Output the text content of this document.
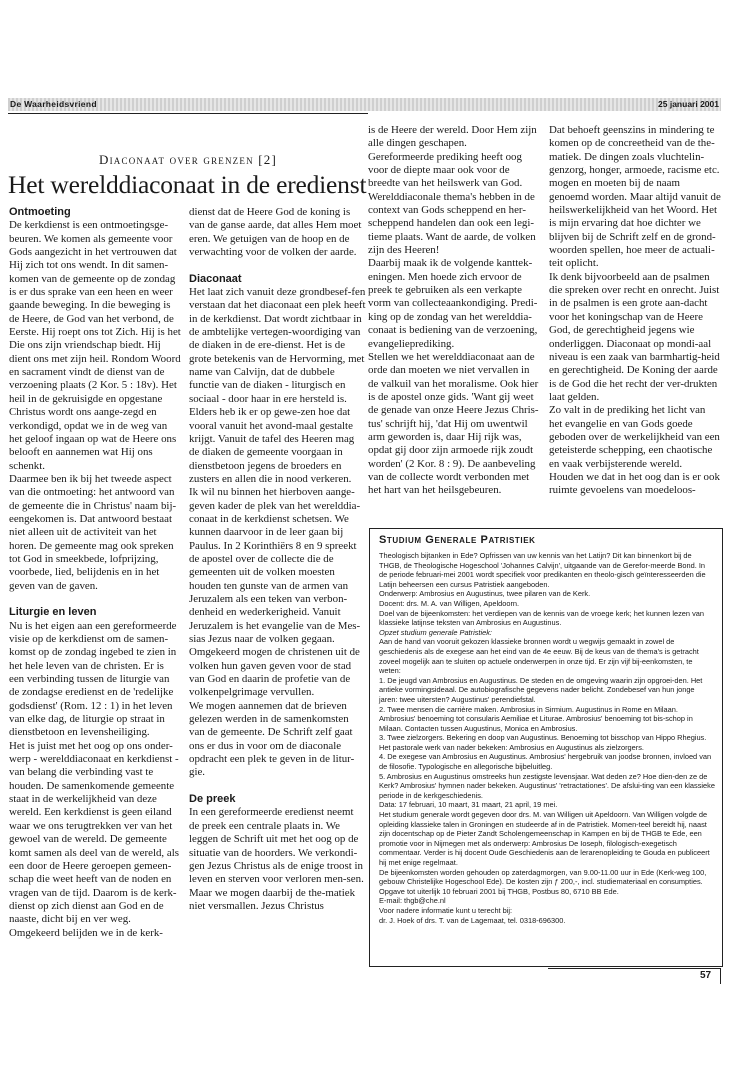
De Waarheidsvriend	25 januari 2001
Diaconaat over grenzen [2]
Het werelddiaconaat in de eredienst
Ontmoeting

De kerkdienst is een ontmoetingsge-beuren. We komen als gemeente voor Gods aangezicht in het vertrouwen dat Hij zich tot ons wendt. In dit samen-komen van de gemeente op de zondag is er dus sprake van een heen en weer gaande beweging. In die beweging is de Heere, de God van het verbond, de Eerste. Hij roept ons tot Zich. Hij is het Die ons zijn vriendschap biedt. Hij dient ons met zijn heil. Rondom Woord en sacrament vindt de dienst van de verzoening plaats (2 Kor. 5 : 18v). Het heil in de gekruisigde en opgestane Christus wordt ons aange-zegd en verkondigd, opdat we in de weg van het geloof ingaan op wat de Heere ons belooft en aannemen wat Hij ons schenkt.

Daarmee ben ik bij het tweede aspect van die ontmoeting: het antwoord van de gemeente die in Christus' naam bij-eengekomen is. Dat antwoord bestaat niet alleen uit de activiteit van het horen. De gemeente mag ook spreken tot God in smeekbede, lofprijzing, voorbede, lied, belijdenis en in het geven van de gaven.

Liturgie en leven

Nu is het eigen aan een gereformeerde visie op de kerkdienst om de samen-komst op de zondag ingebed te zien in het hele leven van de christen. Er is een verbinding tussen de liturgie van de zondagse eredienst en de 'redelijke godsdienst' (Rom. 12 : 1) in het leven van elke dag, de liturgie op straat in dienstbetoon en levensheiliging.

Het is juist met het oog op ons onder-werp - werelddiaconaat en kerkdienst - van belang die verbinding vast te houden. De samenkomende gemeente staat in de werkelijkheid van deze wereld. Een kerkdienst is geen eiland waar we ons terugtrekken ver van het gewoel van de wereld. De gemeente komt samen als deel van de wereld, als een door de Heere geroepen gemeen-schap die weet heeft van de noden en vragen van de tijd. Daarom is de kerk-dienst op zich dienst aan God en de naaste, dicht bij en ver weg.

Omgekeerd belijden we in de kerk-

dienst dat de Heere God de koning is van de ganse aarde, dat alles Hem moet eren. We getuigen van de hoop en de verwachting voor de volken der aarde.

Diaconaat

Het laat zich vanuit deze grondbesef-fen verstaan dat het diaconaat een plek heeft in de kerkdienst. Dat wordt zichtbaar in de ambtelijke vertegen-woordiging van de diaken in de ere-dienst. Het is de grote betekenis van de Hervorming, met name van Calvijn, dat de dubbele functie van de diaken - liturgisch en sociaal - door haar in ere hersteld is. Elders heb ik er op gewe-zen hoe dat vooral vanuit het avond-maal gestalte krijgt. Vanuit de tafel des Heeren mag de diaken de gemeente voorgaan in dienstbetoon jegens de broeders en zusters en allen die in nood verkeren.

Ik wil nu binnen het hierboven aange-geven kader de plek van het werelddia-conaat in de kerkdienst schetsen. We kunnen daarvoor in de leer gaan bij Paulus. In 2 Korinthiërs 8 en 9 spreekt de apostel over de collecte die de gemeenten uit de volken moesten houden ten gunste van de armen van Jeruzalem als een teken van verbon-denheid en wederkerigheid. Vanuit Jeruzalem is het evangelie van de Mes-sias Jezus naar de volken gegaan. Omgekeerd mogen de christenen uit de volken hun gaven geven voor de stad van God en daarin de profetie van de volkenpelgrimage vervullen.

We mogen aannemen dat de brieven gelezen werden in de samenkomsten van de gemeente. De Schrift zelf gaat ons er dus in voor om de diaconale opdracht een plek te geven in de litur-gie.

De preek

In een gereformeerde eredienst neemt de preek een centrale plaats in. We leggen de Schrift uit met het oog op de situatie van de hoorders. We verkondi-gen Jezus Christus als de enige troost in leven en sterven voor verloren men-sen. Maar we mogen daarbij de the-matiek niet versmallen. Jezus Christus

is de Heere der wereld. Door Hem zijn alle dingen geschapen.

Gereformeerde prediking heeft oog voor de diepte maar ook voor de breedte van het heilswerk van God. Werelddiaconale thema's hebben in de context van Gods scheppend en her-scheppend handelen dan ook een legi-tieme plaats. Want de aarde, de volken zijn des Heeren!

Daarbij maak ik de volgende kanttek-eningen. Men hoede zich ervoor de preek te gebruiken als een verkapte vorm van collecteaankondiging. Predi-king op de zondag van het werelddia-conaat is bediening van de verzoening, evangelieprediking.

Stellen we het werelddiaconaat aan de orde dan moeten we niet vervallen in de valkuil van het moralisme. Ook hier is de apostel onze gids. 'Want gij weet de genade van onze Heere Jezus Chris-tus' schrijft hij, 'dat Hij om uwentwil arm geworden is, daar Hij rijk was, opdat gij door zijn armoede rijk zoudt worden' (2 Kor. 8 : 9). De aanbeveling van de collecte wordt verbonden met het hart van het heilsgebeuren.

Dat behoeft geenszins in mindering te komen op de concreetheid van de the-matiek. De dingen zoals vluchtelin-genzorg, honger, armoede, racisme etc. mogen en moeten bij de naam genoemd worden. Maar altijd vanuit de heilswerkelijkheid van het Woord. Het is mijn ervaring dat hoe dichter we blijven bij de Schrift zelf en de grond-woorden spellen, hoe meer de actuali-teit oplicht.

Ik denk bijvoorbeeld aan de psalmen die spreken over recht en onrecht. Juist in de psalmen is een grote aan-dacht voor het koningschap van de Heere God, de gerechtigheid jegens wie onderliggen. Diaconaat op mondi-aal niveau is een zaak van barmhartig-heid en gerechtigheid. De Koning der aarde is de God die het recht der ver-drukten laat gelden.

Zo valt in de prediking het licht van het evangelie en van Gods goede geboden over de werkelijkheid van een geteisterde schepping, een chaotische en vaak verbijsterende wereld.

Houden we dat in het oog dan is er ook ruimte gevoelens van moedeloos-

Studium Generale Patristiek

Theologisch bijtanken in Ede? Opfrissen van uw kennis van het Latijn? Dit kan binnenkort bij de THGB, de Theologische Hogeschool 'Johannes Calvijn', uitgaande van de Gerefor-meerde Bond. In de periode februari-mei 2001 wordt specifiek voor predikanten en theolo-gisch geïnteresseerden die Latijn beheersen een cursus Patristiek aangeboden.

Onderwerp: Ambrosius en Augustinus, twee pilaren van de Kerk.

Docent: drs. M. A. van Willigen, Apeldoorn.

Doel van de bijeenkomsten: het verdiepen van de kennis van de vroege kerk; het kunnen lezen van klassieke latijnse teksten van Ambrosius en Augustinus.

Opzet studium generale Patristiek:

Aan de hand van vooruit gekozen klassieke bronnen wordt u wegwijs gemaakt in zowel de geschiedenis als de exegese aan het eind van de 4e eeuw. Bij de keus van de thema's is getracht zoveel mogelijk aan te sluiten op actuele onderwerpen in onze tijd. Er zijn vijf bij-eenkomsten, te weten:

1. De jeugd van Ambrosius en Augustinus. De steden en de omgeving waarin zijn opgroei-den. Het antieke vormingsideaal. De autobiografische gegevens nader belicht. Zondebesef van hun jonge jaren: twee uitersten? Augustinus' perendiefstal.

2. Twee mensen die carrière maken. Ambrosius in Sirmium. Augustinus in Rome en Milaan. Ambrosius' benoeming tot consularis Aemiliae et Liturae. Ambrosius' benoeming tot bis-schop in Milaan. Contacten tussen Augustinus, Monica en Ambrosius.

3. Twee zielzorgers. Bekering en doop van Augustinus. Benoeming tot bisschop van Hippo Rhegius. Het pastorale werk van nader bekeken: Ambrosius en Augustinus als zielzorgers.

4. De exegese van Ambrosius en Augustinus. Ambrosius' hergebruik van joodse bronnen, invloed van de filosofie. Typologische en allegorische bijbeluitleg.

5. Ambrosius en Augustinus omstreeks hun zestigste levensjaar. Wat deden ze? Hoe dien-den ze de Kerk? Ambrosius' hymnen nader bekeken. Augustinus' 'retractationes'. De afslui-ting van een klassieke periode in de kerkgeschiedenis.

Data: 17 februari, 10 maart, 31 maart, 21 april, 19 mei.

Het studium generale wordt gegeven door drs. M. van Willigen uit Apeldoorn. Van Willigen volgde de opleiding klassieke talen in Groningen en studeerde af in de Patristiek. Momen-teel bereidt hij, naast zijn docentschap op de Pieter Zandt Scholengemeenschap in Kampen en bij de THGB te Ede, een promotie voor in Nijmegen met als onderwerp: Ambrosius De Ioseph, filologisch-exegetisch commentaar. Verder is hij docent Oude Geschiedenis aan de lerarenopleiding te Gouda en publiceert hij met enige regelmaat.

De bijeenkomsten worden gehouden op zaterdagmorgen, van 9.00-11.00 uur in Ede (Kerk-weg 100, gebouw Christelijke Hogeschool Ede). De kosten zijn ƒ 200,-, incl. studiemateriaal en consumpties. Opgave tot uiterlijk 10 februari 2001 bij THGB, Postbus 80, 6710 BB Ede.

E-mail: thgb@che.nl

Voor nadere informatie kunt u terecht bij:

dr. J. Hoek of drs. T. van de Lagemaat, tel. 0318-696300.

57
